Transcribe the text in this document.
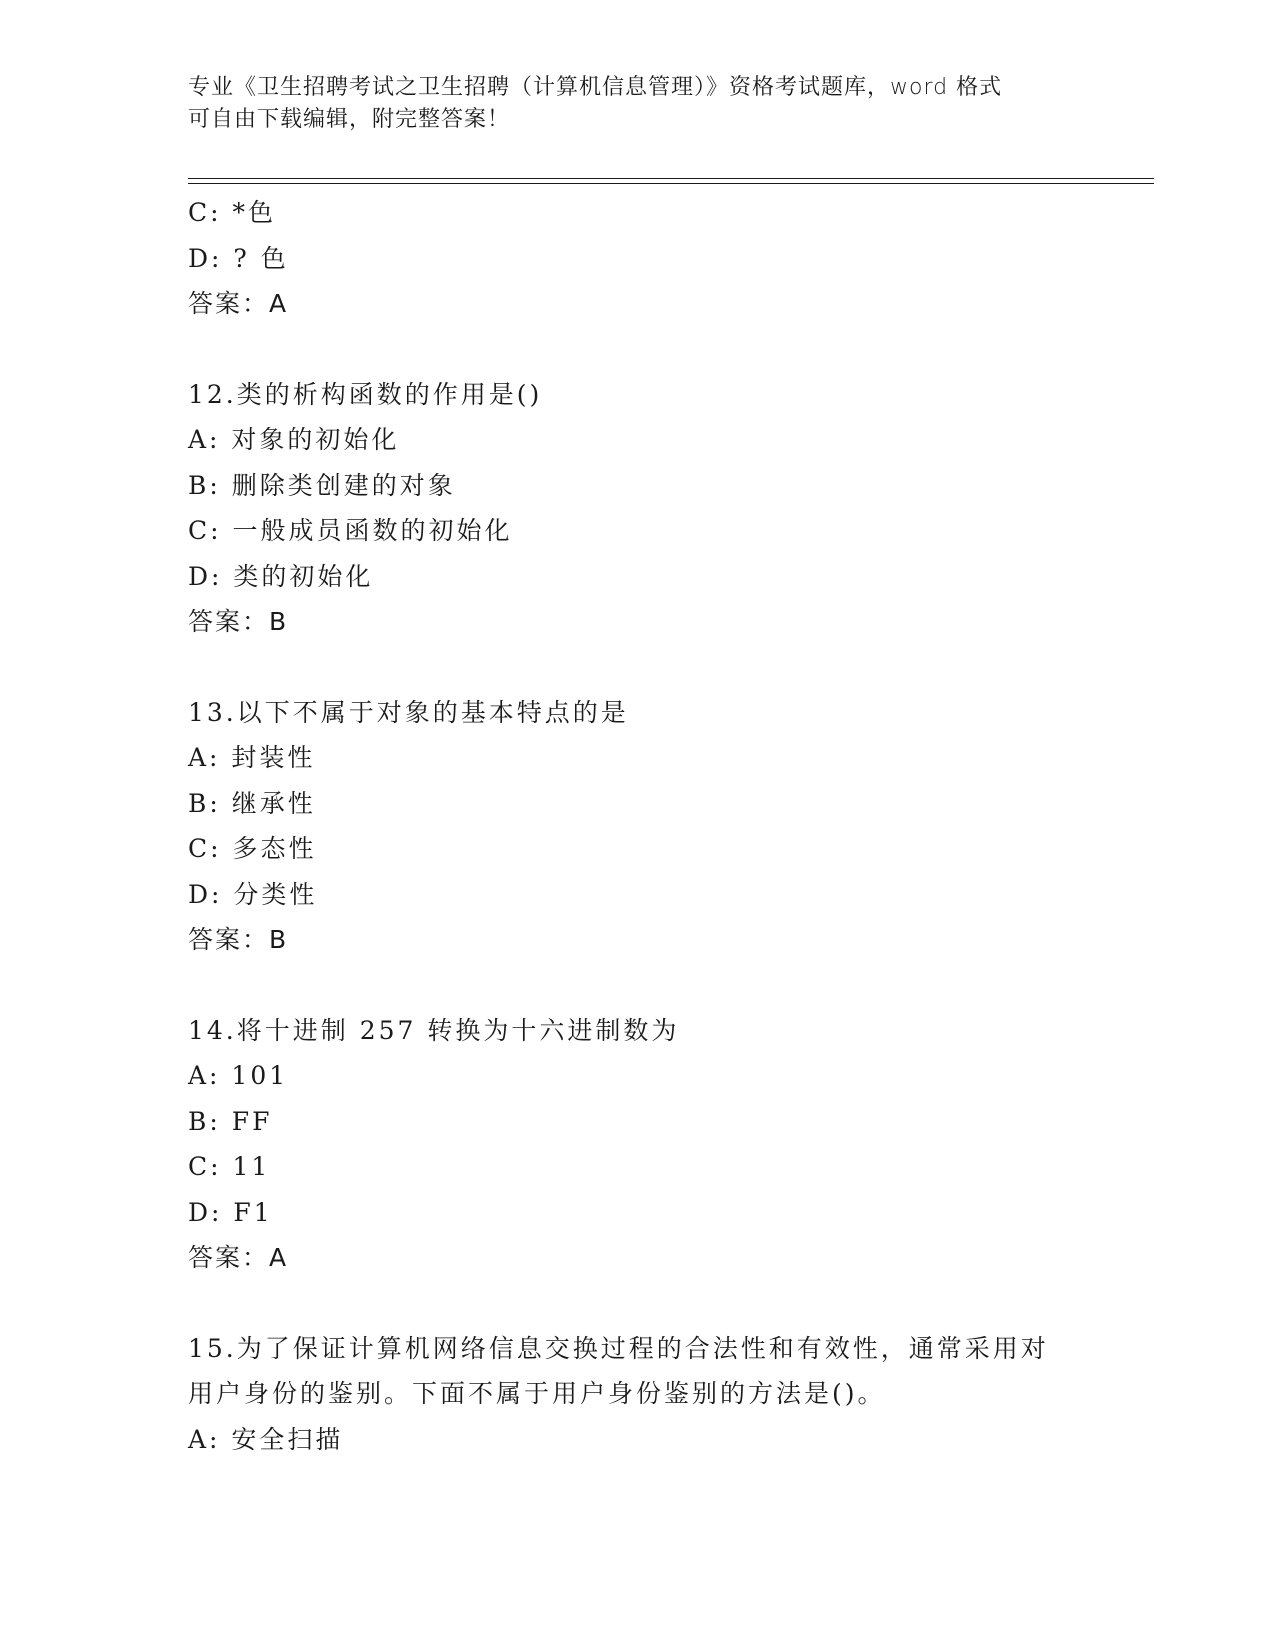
专业《卫生招聘考试之卫生招聘（计算机信息管理）》资格考试题库，word 格式
可自由下载编辑，附完整答案！
C: *色
D: ? 色
答案：A
12.类的析构函数的作用是()
A: 对象的初始化
B: 删除类创建的对象
C: 一般成员函数的初始化
D: 类的初始化
答案：B
13.以下不属于对象的基本特点的是
A: 封装性
B: 继承性
C: 多态性
D: 分类性
答案：B
14.将十进制 257 转换为十六进制数为
A: 101
B: FF
C: 11
D: F1
答案：A
15.为了保证计算机网络信息交换过程的合法性和有效性，通常采用对
用户身份的鉴别。下面不属于用户身份鉴别的方法是()。
A: 安全扫描
